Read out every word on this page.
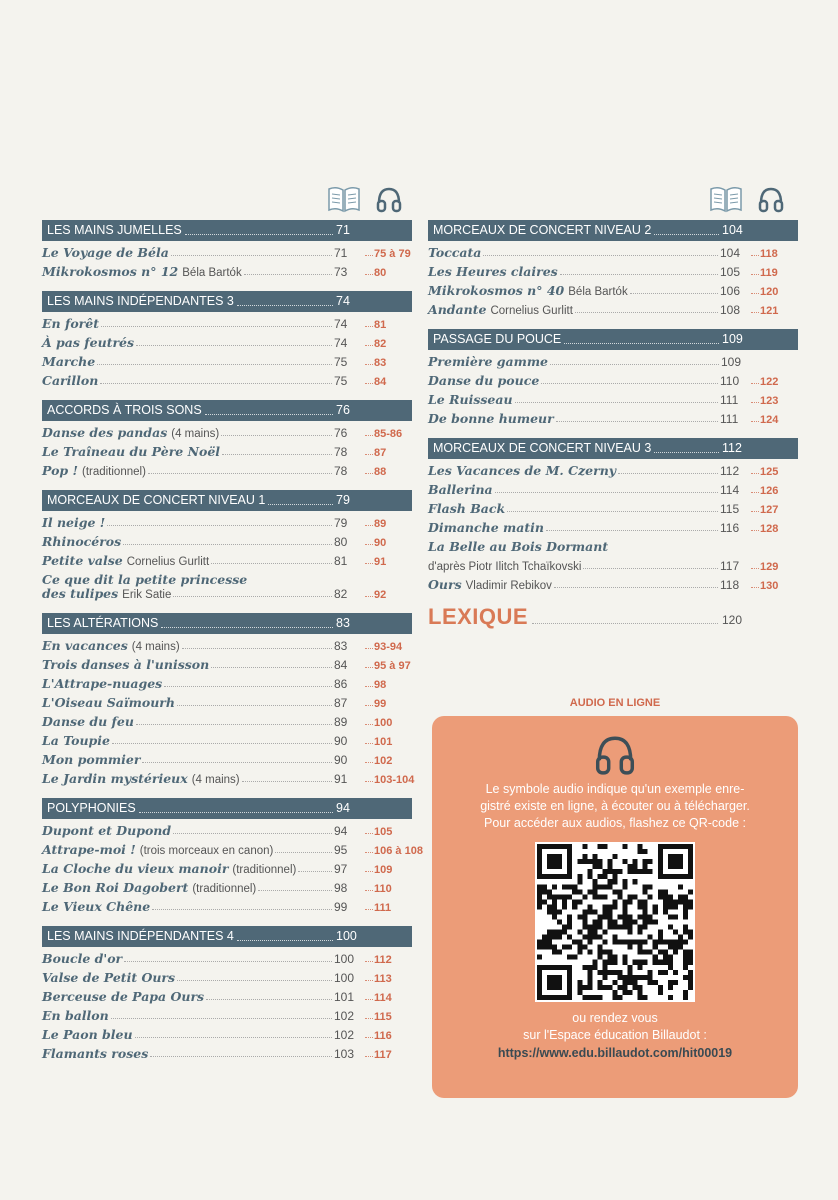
LES MAINS JUMELLES	71
Le Voyage de Béla	71	75 à 79
Mikrokosmos n° 12 Béla Bartók	73	80
LES MAINS INDÉPENDANTES 3	74
En forêt	74	81
À pas feutrés	74	82
Marche	75	83
Carillon	75	84
ACCORDS À TROIS SONS	76
Danse des pandas (4 mains)	76	85-86
Le Traîneau du Père Noël	78	87
Pop ! (traditionnel)	78	88
MORCEAUX DE CONCERT NIVEAU 1	79
Il neige !	79	89
Rhinocéros	80	90
Petite valse Cornelius Gurlitt	81	91
Ce que dit la petite princesse
des tulipes Erik Satie	82	92
LES ALTÉRATIONS	83
En vacances (4 mains)	83	93-94
Trois danses à l'unisson	84	95 à 97
L'Attrape-nuages	86	98
L'Oiseau Saïmourh	87	99
Danse du feu	89	100
La Toupie	90	101
Mon pommier	90	102
Le Jardin mystérieux (4 mains)	91	103-104
POLYPHONIES	94
Dupont et Dupond	94	105
Attrape-moi ! (trois morceaux en canon)	95	106 à 108
La Cloche du vieux manoir (traditionnel)	97	109
Le Bon Roi Dagobert (traditionnel)	98	110
Le Vieux Chêne	99	111
LES MAINS INDÉPENDANTES 4	100
Boucle d'or	100	112
Valse de Petit Ours	100	113
Berceuse de Papa Ours	101	114
En ballon	102	115
Le Paon bleu	102	116
Flamants roses	103	117
MORCEAUX DE CONCERT NIVEAU 2	104
Toccata	104	118
Les Heures claires	105	119
Mikrokosmos n° 40 Béla Bartók	106	120
Andante Cornelius Gurlitt	108	121
PASSAGE DU POUCE	109
Première gamme	109
Danse du pouce	110	122
Le Ruisseau	111	123
De bonne humeur	111	124
MORCEAUX DE CONCERT NIVEAU 3	112
Les Vacances de M. Czerny	112	125
Ballerina	114	126
Flash Back	115	127
Dimanche matin	116	128
La Belle au Bois Dormant
d'après Piotr Ilitch Tchaïkovski	117	129
Ours Vladimir Rebikov	118	130
LEXIQUE	120
AUDIO EN LIGNE
Le symbole audio indique qu'un exemple enre-
gistré existe en ligne, à écouter ou à télécharger.
Pour accéder aux audios, flashez ce QR-code :
ou rendez vous
sur l'Espace éducation Billaudot :
https://www.edu.billaudot.com/hit00019
